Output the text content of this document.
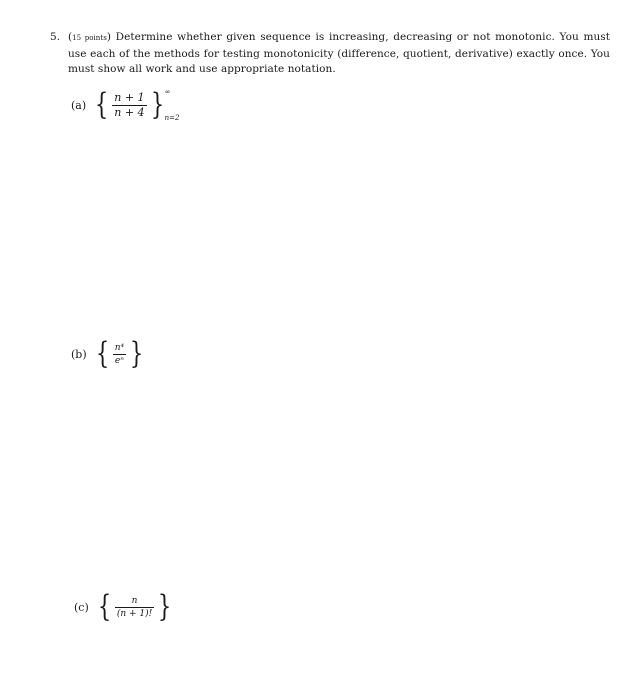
5. (15 points) Determine whether given sequence is increasing, decreasing or not monotonic. You must use each of the methods for testing monotonicity (difference, quotient, derivative) exactly once. You must show all work and use appropriate notation.
(a) { $\frac{n + 1}{n + 4}$ } ∞
n=2
(b) { $\frac{\text{n⁴}}{\text{eⁿ}}$ }
(c) { $\frac{n}{(n + 1)!}$ }
